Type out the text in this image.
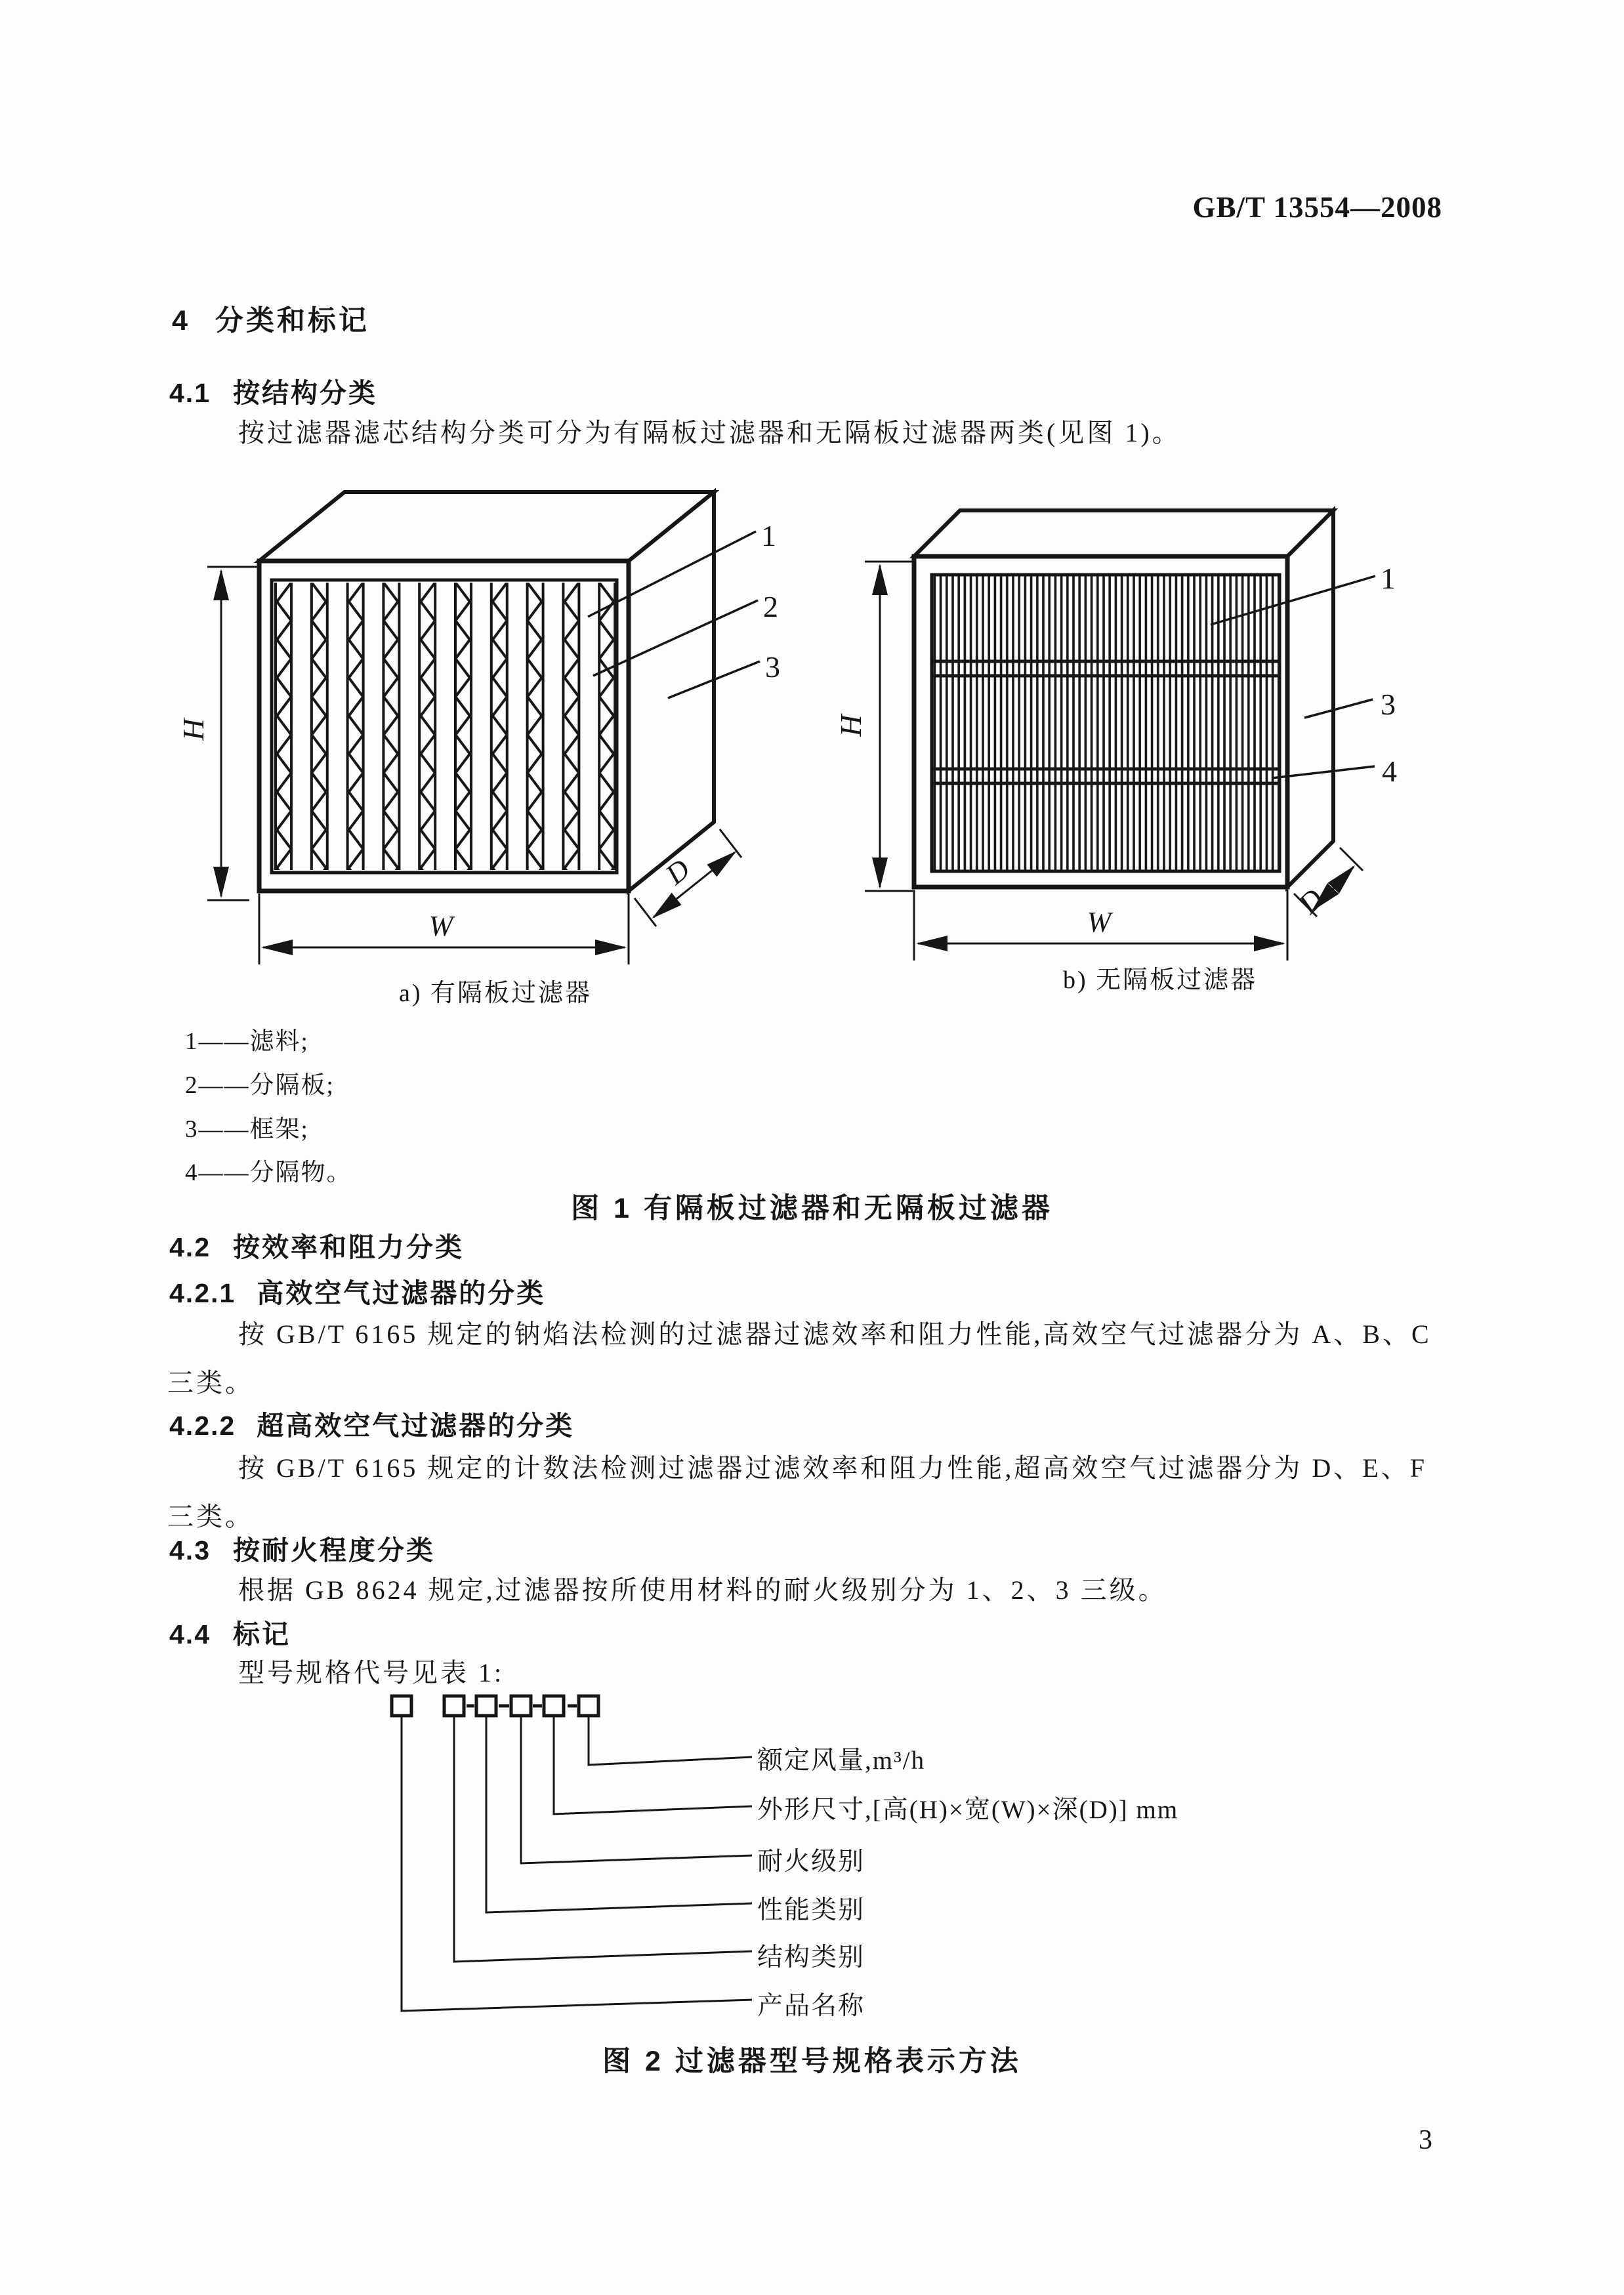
H
W
D
1
2
3
H
W
D
1
3
4
GB/T 13554—2008
4 分类和标记
4.1 按结构分类
按过滤器滤芯结构分类可分为有隔板过滤器和无隔板过滤器两类(见图 1)。
a) 有隔板过滤器	b) 无隔板过滤器
1——滤料;
2——分隔板;
3——框架;
4——分隔物。
图 1 有隔板过滤器和无隔板过滤器
4.2 按效率和阻力分类
4.2.1 高效空气过滤器的分类
按 GB/T 6165 规定的钠焰法检测的过滤器过滤效率和阻力性能,高效空气过滤器分为 A、B、C
三类。
4.2.2 超高效空气过滤器的分类
按 GB/T 6165 规定的计数法检测过滤器过滤效率和阻力性能,超高效空气过滤器分为 D、E、F
三类。
4.3 按耐火程度分类
根据 GB 8624 规定,过滤器按所使用材料的耐火级别分为 1、2、3 三级。
4.4 标记
型号规格代号见表 1:
额定风量,m³/h
外形尺寸,[高(H)×宽(W)×深(D)] mm
耐火级别
性能类别
结构类别
产品名称
图 2 过滤器型号规格表示方法
3
